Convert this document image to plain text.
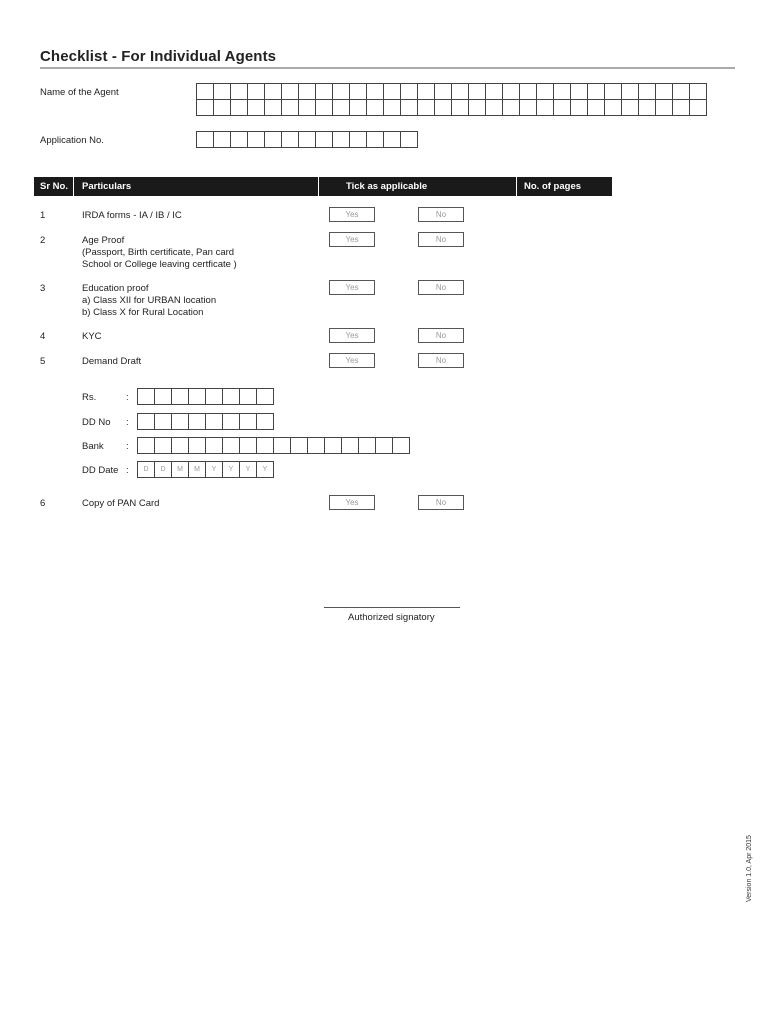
Checklist - For Individual Agents
Name of the Agent
Application No.
Sr No. Particulars	Tick as applicable	No. of pages
1	IRDA forms - IA / IB / IC	Yes	No
2	Age Proof
(Passport, Birth certificate, Pan card
School or College leaving certficate )
Yes	No
3	Education proof
a) Class XII for URBAN location
b) Class X for Rural Location
Yes	No
4	KYC	Yes	No
5	Demand Draft	Yes	No
Rs.	:
DD No :
Bank :
DD Date :	D	D	M	M	Y	Y	Y	Y
6	Copy of PAN Card	Yes	No
Authorized signatory
Version 1.0, Apr 2015
